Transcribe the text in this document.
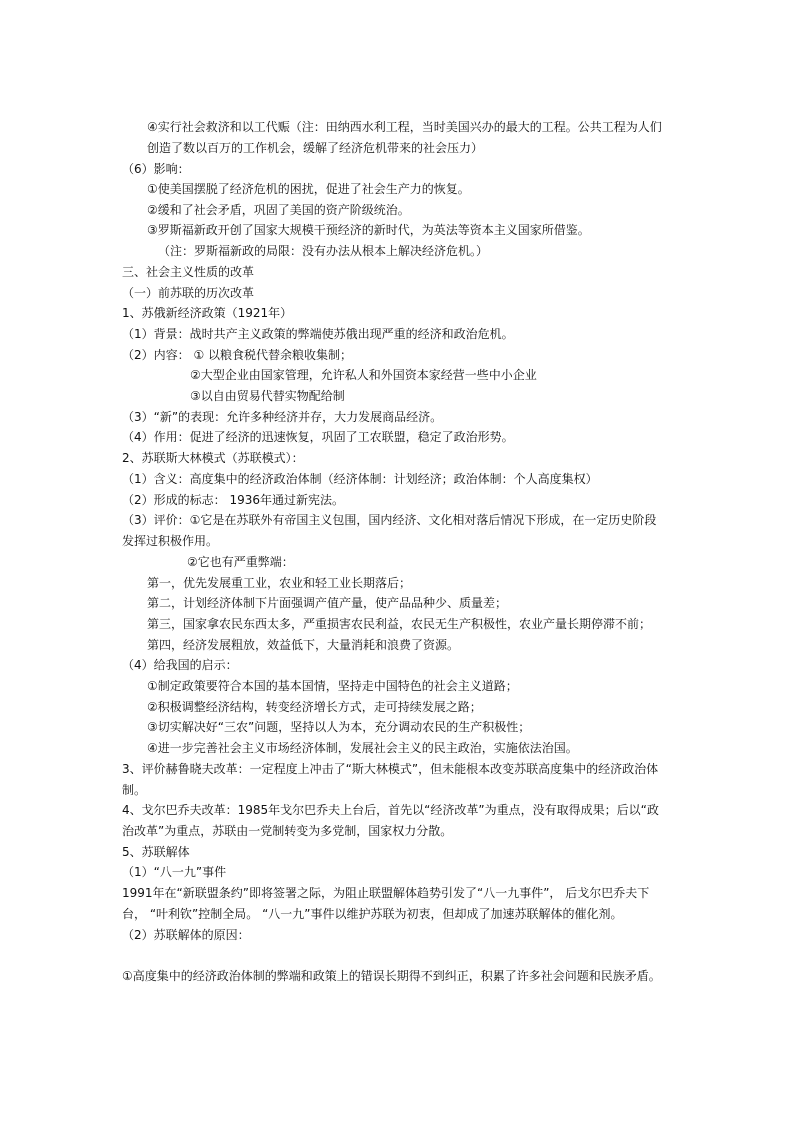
④实行社会救济和以工代赈（注：田纳西水利工程，当时美国兴办的最大的工程。公共工程为人们
创造了数以百万的工作机会，缓解了经济危机带来的社会压力）
（6）影响：
①使美国摆脱了经济危机的困扰，促进了社会生产力的恢复。
②缓和了社会矛盾，巩固了美国的资产阶级统治。
③罗斯福新政开创了国家大规模干预经济的新时代，为英法等资本主义国家所借鉴。
（注：罗斯福新政的局限：没有办法从根本上解决经济危机。）
三、社会主义性质的改革
（一）前苏联的历次改革
1、苏俄新经济政策（1921年）
（1）背景：战时共产主义政策的弊端使苏俄出现严重的经济和政治危机。
（2）内容： ① 以粮食税代替余粮收集制；
②大型企业由国家管理，允许私人和外国资本家经营一些中小企业
③以自由贸易代替实物配给制
（3）“新”的表现：允许多种经济并存，大力发展商品经济。
（4）作用：促进了经济的迅速恢复，巩固了工农联盟，稳定了政治形势。
2、苏联斯大林模式（苏联模式）：
（1）含义：高度集中的经济政治体制（经济体制：计划经济；政治体制：个人高度集权）
（2）形成的标志： 1936年通过新宪法。
（3）评价：①它是在苏联外有帝国主义包围，国内经济、文化相对落后情况下形成，在一定历史阶段
发挥过积极作用。
②它也有严重弊端：
第一，优先发展重工业，农业和轻工业长期落后；
第二，计划经济体制下片面强调产值产量，使产品品种少、质量差；
第三，国家拿农民东西太多，严重损害农民利益，农民无生产积极性，农业产量长期停滞不前；
第四，经济发展粗放，效益低下，大量消耗和浪费了资源。
（4）给我国的启示：
①制定政策要符合本国的基本国情，坚持走中国特色的社会主义道路；
②积极调整经济结构，转变经济增长方式，走可持续发展之路；
③切实解决好“三农”问题，坚持以人为本，充分调动农民的生产积极性；
④进一步完善社会主义市场经济体制，发展社会主义的民主政治，实施依法治国。
3、评价赫鲁晓夫改革：一定程度上冲击了“斯大林模式”，但未能根本改变苏联高度集中的经济政治体
制。
4、戈尔巴乔夫改革：1985年戈尔巴乔夫上台后，首先以“经济改革”为重点，没有取得成果；后以“政
治改革”为重点，苏联由一党制转变为多党制，国家权力分散。
5、苏联解体
（1）“八一九”事件
1991年在“新联盟条约”即将签署之际，为阻止联盟解体趋势引发了“八一九事件”， 后戈尔巴乔夫下
台， “叶利钦”控制全局。 “八一九”事件以维护苏联为初衷，但却成了加速苏联解体的催化剂。
（2）苏联解体的原因：
①高度集中的经济政治体制的弊端和政策上的错误长期得不到纠正，积累了许多社会问题和民族矛盾。
